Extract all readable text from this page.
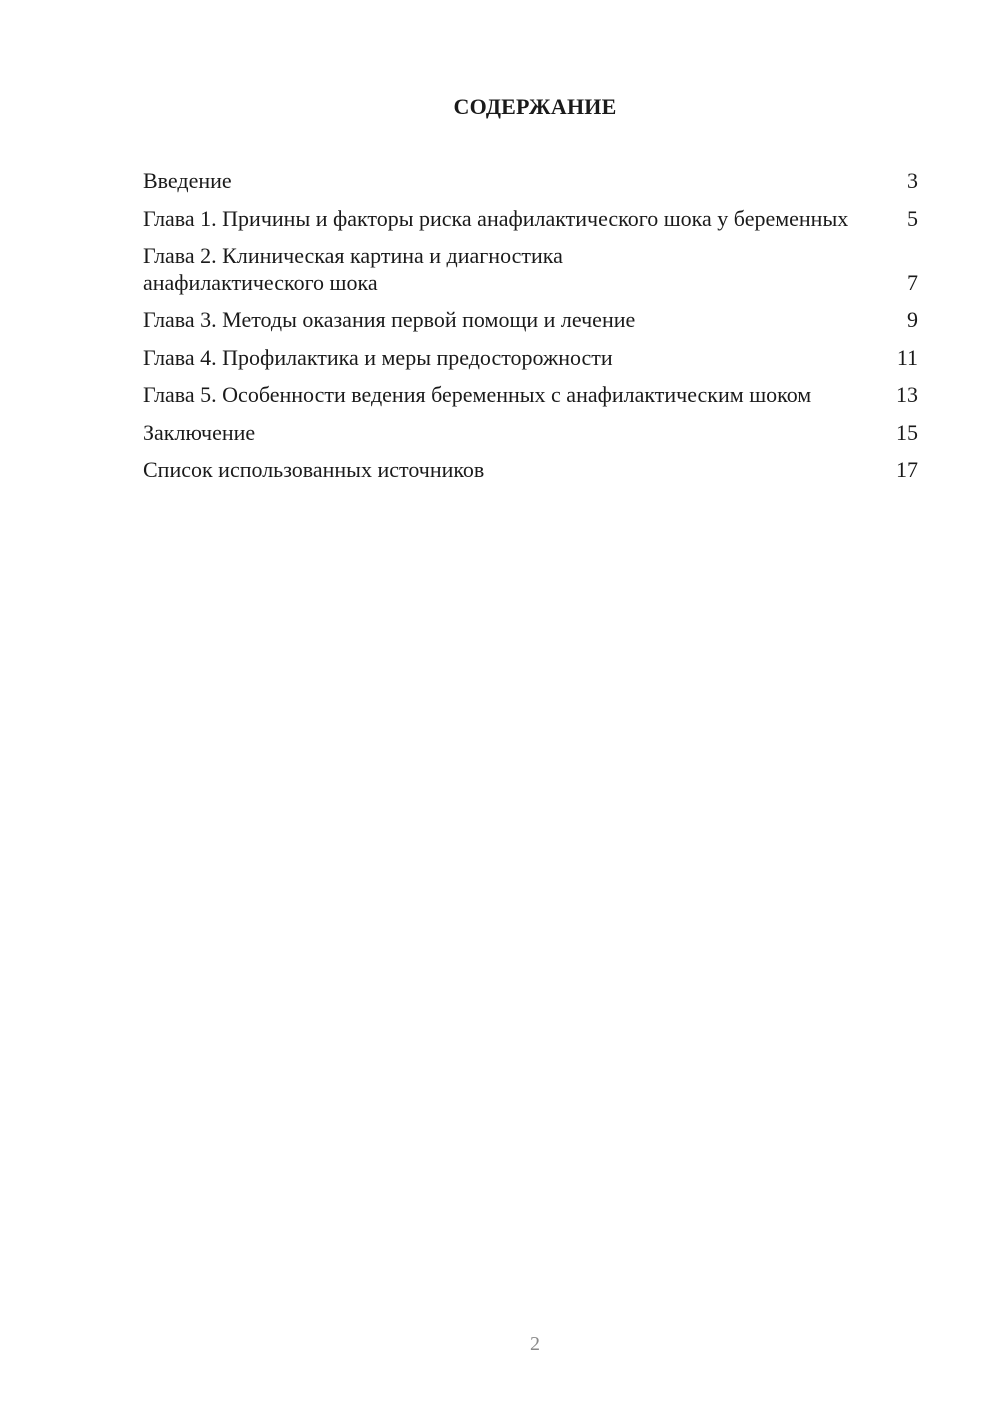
СОДЕРЖАНИЕ
Введение	3
Глава 1. Причины и факторы риска анафилактического шока у беременных	5
Глава 2. Клиническая картина и диагностика анафилактического шока	7
Глава 3. Методы оказания первой помощи и лечение	9
Глава 4. Профилактика и меры предосторожности	11
Глава 5. Особенности ведения беременных с анафилактическим шоком	13
Заключение	15
Список использованных источников	17
2
